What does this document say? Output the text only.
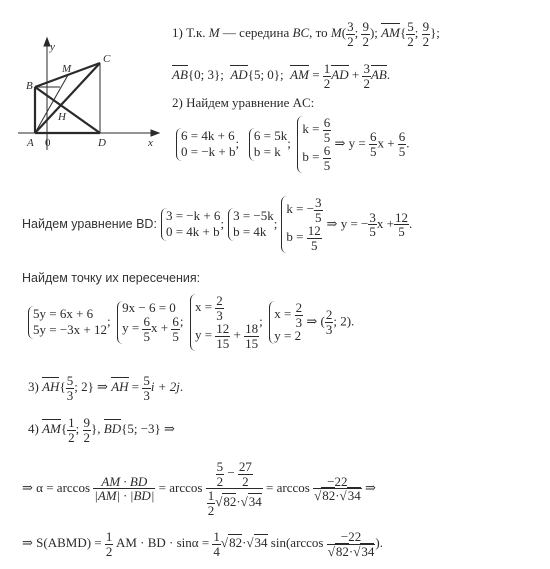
y
x
A 0
B
C
D
M
H
1) Т.к. M — середина BC, то $M( \frac{3}{2}$ ; $\frac{9}{2}$ ); $AM\{ \frac{5}{2}$ ; $\frac{9}{2}$ };
AB{0; 3};  AD{5; 0};  AM = $\frac{1}{2}$ AD + $\frac{3}{2}$ AB.
2) Найдем уравнение AC:
6 = 4k + 6
0 = −k + b;   6 = 5k
b = k;  $k = \frac{6}{5}$

$b = \frac{6}{5}$
⇒ $y = \frac{6}{5}$ $x + \frac{6}{5}$ .
Найдем уравнение BD: 3 = −k + 6
0 = 4k + b; 3 = −5k
b = 4k; k = − $\frac{3}{5}$

$b = \frac{12}{5}$
⇒ y = − $\frac{3}{5}$ $x + \frac{12}{5}$ .
Найдем точку их пересечения:
5y = 6x + 6
5y = −3x + 12;  9x − 6 = 0
$y = \frac{6}{5}$ $x + \frac{6}{5}$ ;  $x = \frac{2}{3}$

$y = \frac{12}{15} + \frac{18}{15}$
;  $x = \frac{2}{3}$

y = 2 ⇒ ( $\frac{2}{3}$ ; 2).
3) $AH\{ \frac{5}{3}$ ; 2} ⇒ AH = $\frac{5}{3}$ i + 2j.
4) $AM\{ \frac{1}{2}$ ; $\frac{9}{2}$ }, BD{5; −3} ⇒
⇒ $\alpha = \arccos \frac{AM \cdot BD}{|AM| \cdot |BD|} = \arccos \frac{\frac{5}{2} - \frac{27}{2}}{\frac{1}{2} √82\cdot√34} = \arccos \frac{-22}{√82\cdot√34}$ ⇒
⇒ S(ABMD) = $\frac{1}{2}$ AM · BD · $\sin\alpha = \frac{1}{4} √82\cdot√34$ $\sin(\arccos \frac{-22}{√82\cdot√34}$ ).
